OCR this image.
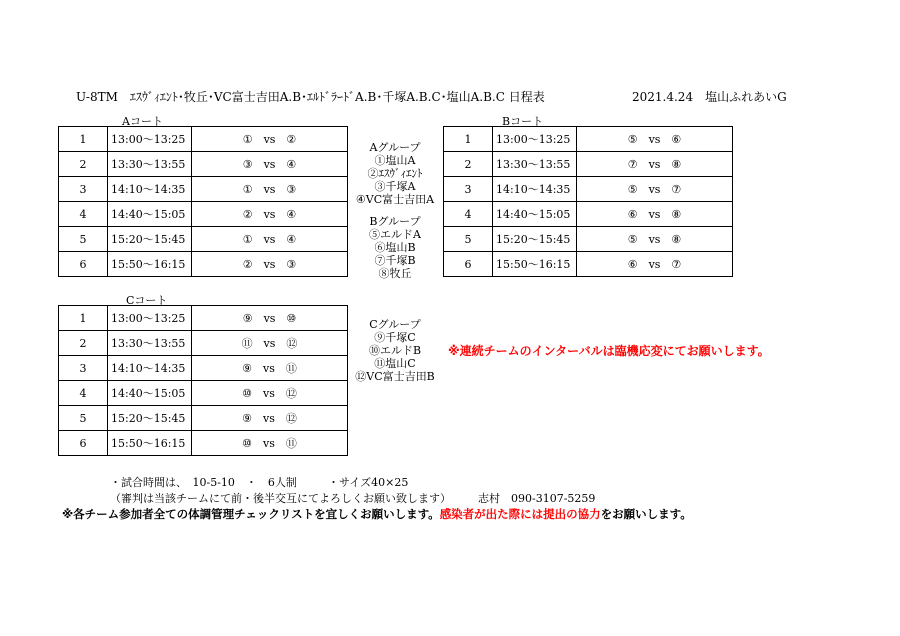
U-8TM　ｴｽｳﾞｨｴﾝﾄ･牧丘･VC富士吉田A.B･ｴﾙﾄﾞﾗｰﾄﾞA.B･千塚A.B.C･塩山A.B.C 日程表	2021.4.24　塩山ふれあいG
Aコート
1	13:00～13:25	①　vs　②
2	13:30～13:55	③　vs　④
3	14:10～14:35	①　vs　③
4	14:40～15:05	②　vs　④
5	15:20～15:45	①　vs　④
6	15:50～16:15	②　vs　③
Bコート
1	13:00～13:25	⑤　vs　⑥
2	13:30～13:55	⑦　vs　⑧
3	14:10～14:35	⑤　vs　⑦
4	14:40～15:05	⑥　vs　⑧
5	15:20～15:45	⑤　vs　⑧
6	15:50～16:15	⑥　vs　⑦
Cコート
1	13:00～13:25	⑨　vs　⑩
2	13:30～13:55	⑪　vs　⑫
3	14:10～14:35	⑨　vs　⑪
4	14:40～15:05	⑩　vs　⑫
5	15:20～15:45	⑨　vs　⑫
6	15:50～16:15	⑩　vs　⑪
Aグループ
①塩山A
②ｴｽｳﾞｨｴﾝﾄ
③千塚A
④VC富士吉田A
Bグループ
⑤エルドA
⑥塩山B
⑦千塚B
⑧牧丘
Cグループ
⑨千塚C
⑩エルドB
⑪塩山C
⑫VC富士吉田B
※連続チームのインターバルは臨機応変にてお願いします。
・試合時間は、　10-5-10　・　6人制	・サイズ40×25
（審判は当該チームにて前・後半交互にてよろしくお願い致します） 志村　090-3107-5259
※各チーム参加者全ての体調管理チェックリストを宜しくお願いします。感染者が出た際には提出の協力をお願いします。
